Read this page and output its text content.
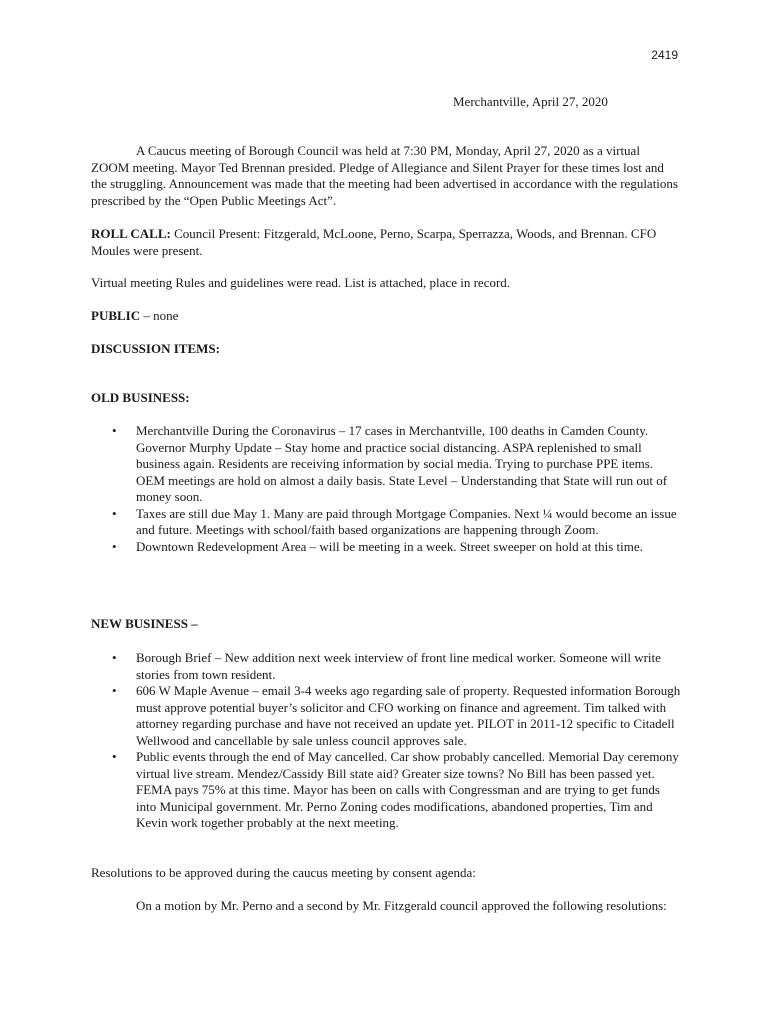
2419
Merchantville, April 27, 2020

A Caucus meeting of Borough Council was held at 7:30 PM, Monday, April 27, 2020 as a virtual ZOOM meeting. Mayor Ted Brennan presided. Pledge of Allegiance and Silent Prayer for these times lost and the struggling. Announcement was made that the meeting had been advertised in accordance with the regulations prescribed by the “Open Public Meetings Act”.

ROLL CALL: Council Present: Fitzgerald, McLoone, Perno, Scarpa, Sperrazza, Woods, and Brennan. CFO Moules were present.

Virtual meeting Rules and guidelines were read. List is attached, place in record.

PUBLIC – none

DISCUSSION ITEMS:

OLD BUSINESS:

• Merchantville During the Coronavirus – 17 cases in Merchantville, 100 deaths in Camden County. Governor Murphy Update – Stay home and practice social distancing. ASPA replenished to small business again. Residents are receiving information by social media. Trying to purchase PPE items. OEM meetings are hold on almost a daily basis. State Level – Understanding that State will run out of money soon.
• Taxes are still due May 1. Many are paid through Mortgage Companies. Next ¼ would become an issue and future. Meetings with school/faith based organizations are happening through Zoom.
• Downtown Redevelopment Area – will be meeting in a week. Street sweeper on hold at this time.

NEW BUSINESS –

• Borough Brief – New addition next week interview of front line medical worker. Someone will write stories from town resident.
• 606 W Maple Avenue – email 3-4 weeks ago regarding sale of property. Requested information Borough must approve potential buyer’s solicitor and CFO working on finance and agreement. Tim talked with attorney regarding purchase and have not received an update yet. PILOT in 2011-12 specific to Citadell Wellwood and cancellable by sale unless council approves sale.
• Public events through the end of May cancelled. Car show probably cancelled. Memorial Day ceremony virtual live stream. Mendez/Cassidy Bill state aid? Greater size towns? No Bill has been passed yet. FEMA pays 75% at this time. Mayor has been on calls with Congressman and are trying to get funds into Municipal government. Mr. Perno Zoning codes modifications, abandoned properties, Tim and Kevin work together probably at the next meeting.

Resolutions to be approved during the caucus meeting by consent agenda:

On a motion by Mr. Perno and a second by Mr. Fitzgerald council approved the following resolutions:
